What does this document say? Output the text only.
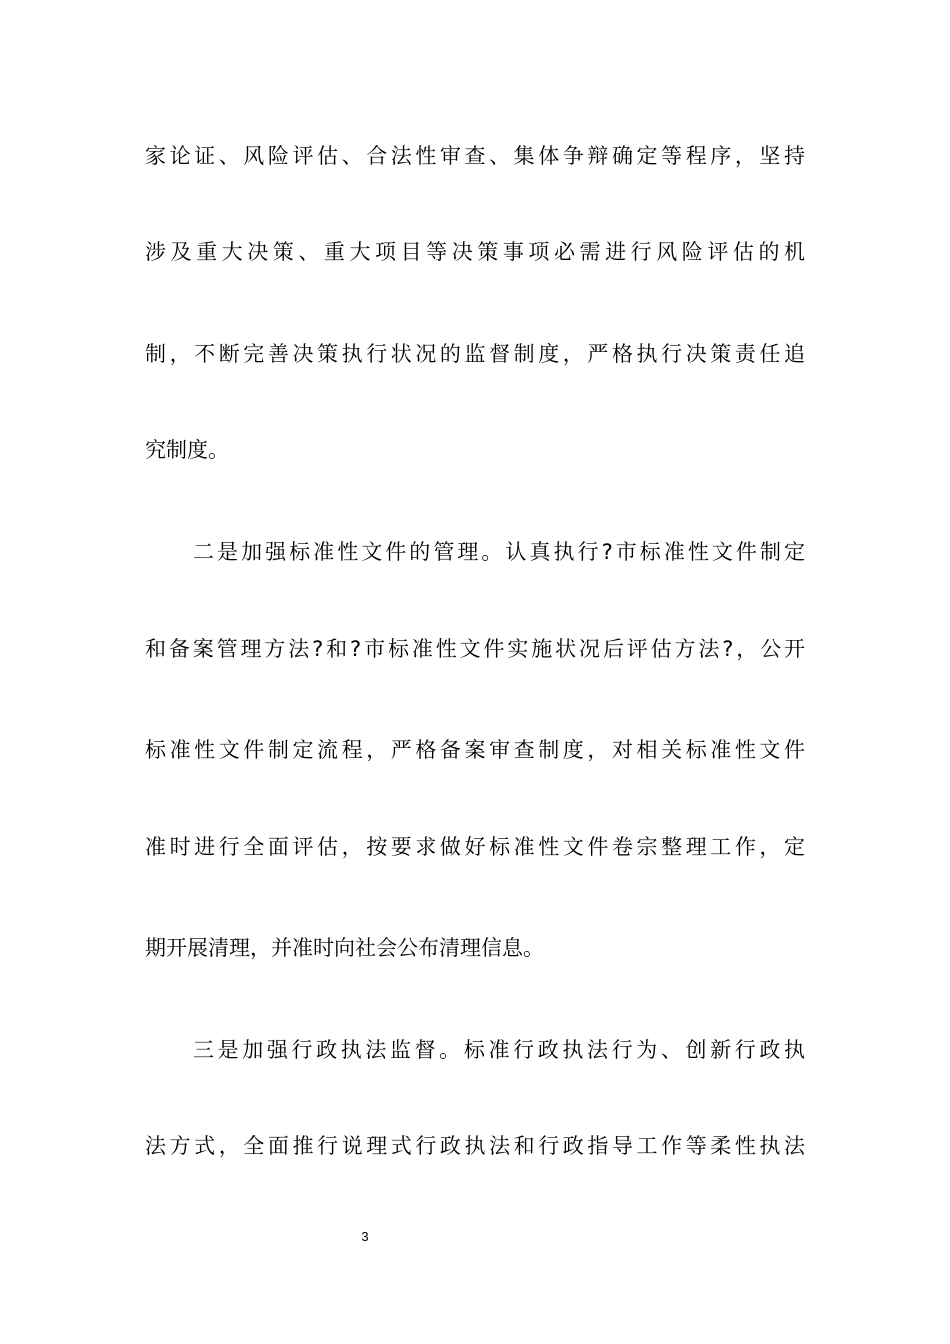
家论证、风险评估、合法性审查、集体争辩确定等程序，坚持
涉及重大决策、重大项目等决策事项必需进行风险评估的机
制，不断完善决策执行状况的监督制度，严格执行决策责任追
究制度。
二是加强标准性文件的管理。认真执行?市标准性文件制定
和备案管理方法?和?市标准性文件实施状况后评估方法?，公开
标准性文件制定流程，严格备案审查制度，对相关标准性文件
准时进行全面评估，按要求做好标准性文件卷宗整理工作，定
期开展清理，并准时向社会公布清理信息。
三是加强行政执法监督。标准行政执法行为、创新行政执
法方式，全面推行说理式行政执法和行政指导工作等柔性执法
3
